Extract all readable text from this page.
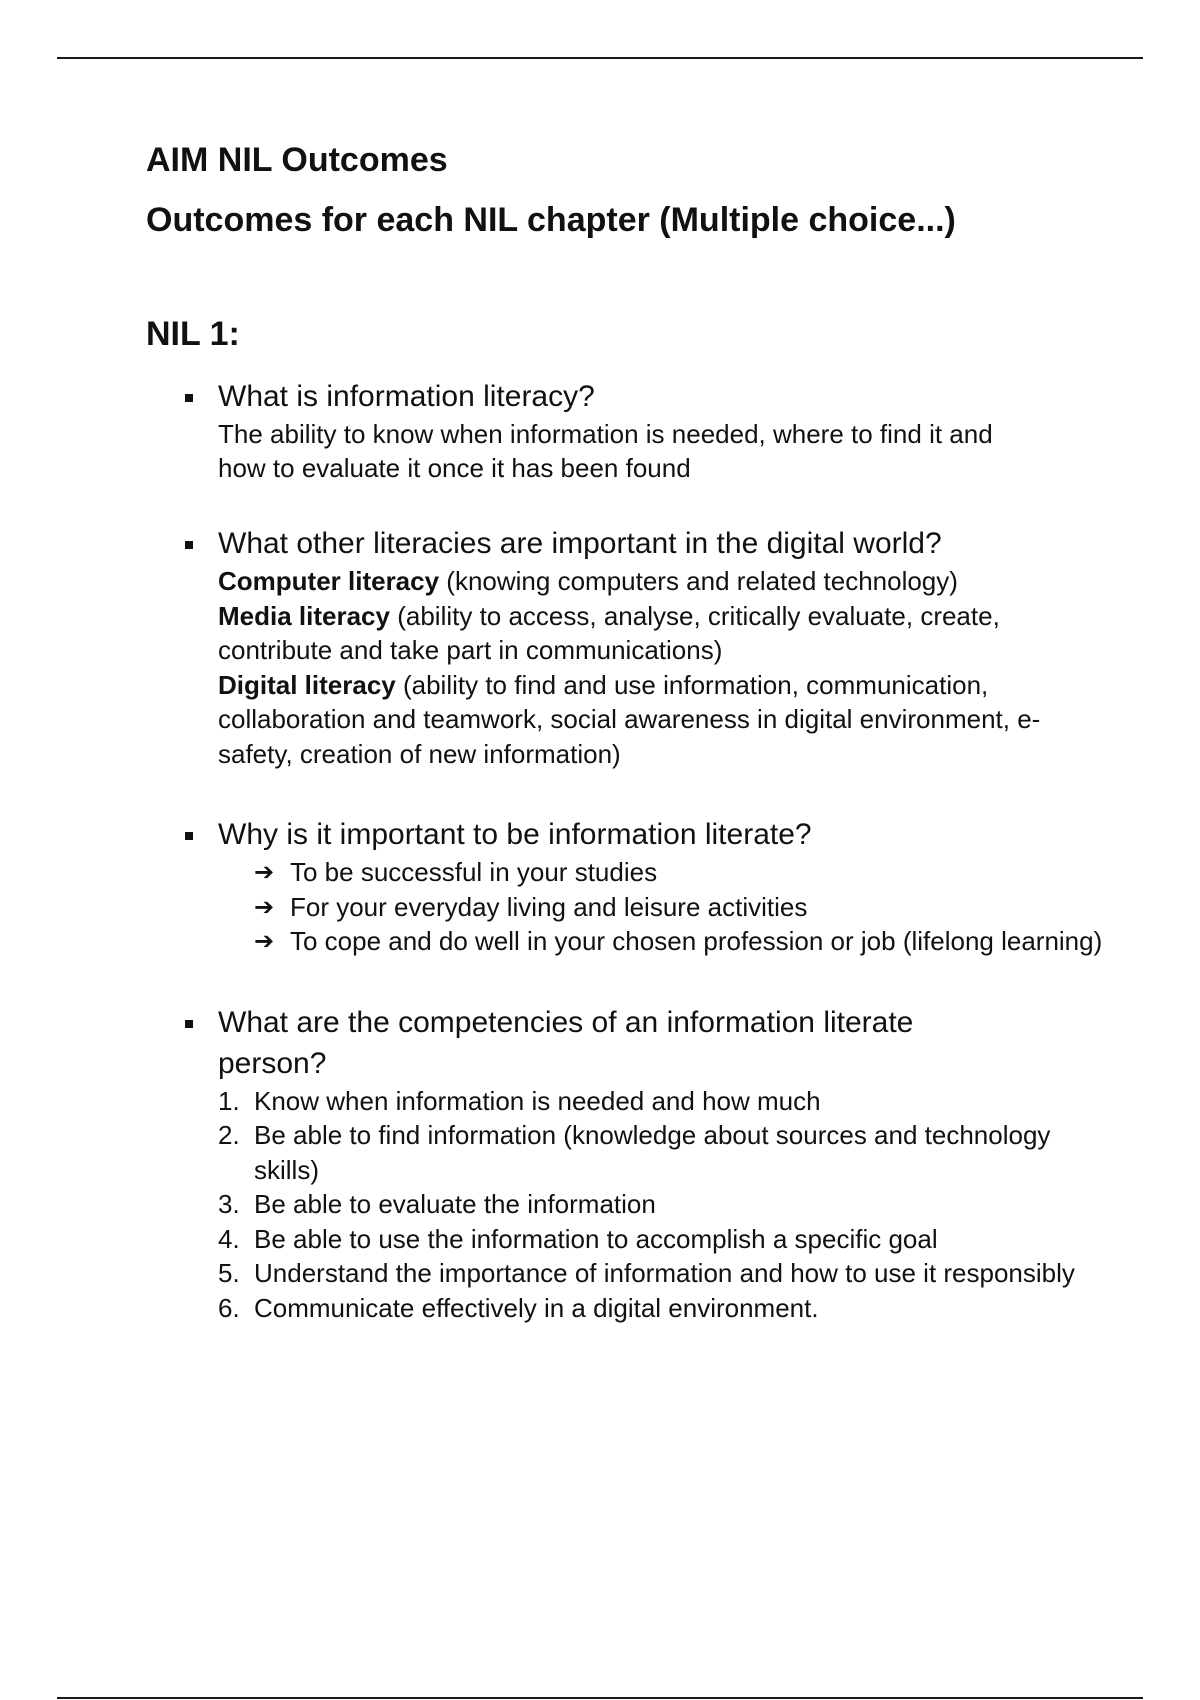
AIM NIL Outcomes
Outcomes for each NIL chapter (Multiple choice...)
NIL 1:
What is information literacy?
The ability to know when information is needed, where to find it and
how to evaluate it once it has been found
What other literacies are important in the digital world?
Computer literacy (knowing computers and related technology)
Media literacy (ability to access, analyse, critically evaluate, create, contribute and take part in communications)
Digital literacy (ability to find and use information, communication, collaboration and teamwork, social awareness in digital environment, e-safety, creation of new information)
Why is it important to be information literate?
➔ To be successful in your studies
➔ For your everyday living and leisure activities
➔ To cope and do well in your chosen profession or job (lifelong learning)
What are the competencies of an information literate person?
1. Know when information is needed and how much
2. Be able to find information (knowledge about sources and technology skills)
3. Be able to evaluate the information
4. Be able to use the information to accomplish a specific goal
5. Understand the importance of information and how to use it responsibly
6. Communicate effectively in a digital environment.
